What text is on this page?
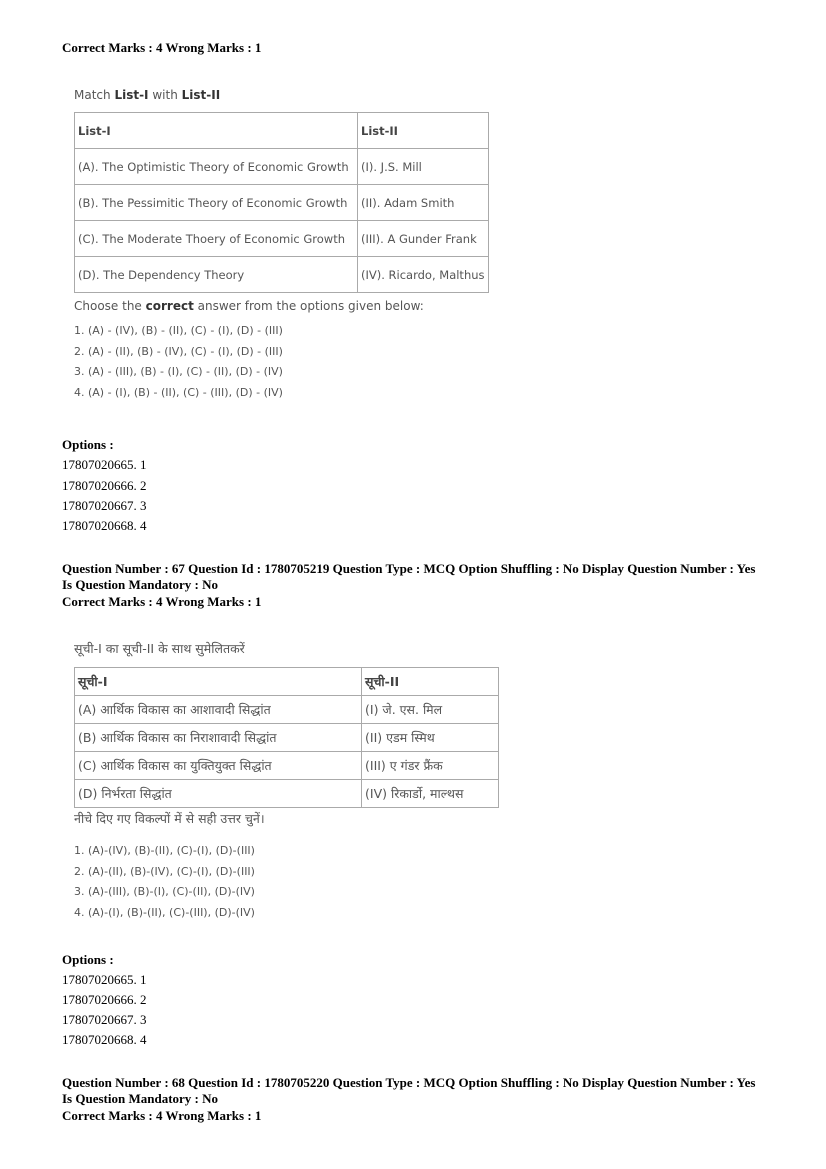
Correct Marks : 4 Wrong Marks : 1
Match List-I with List-II
List-I	List-II
(A). The Optimistic Theory of Economic Growth	(I). J.S. Mill
(B). The Pessimitic Theory of Economic Growth	(II). Adam Smith
(C). The Moderate Thoery of Economic Growth	(III). A Gunder Frank
(D). The Dependency Theory	(IV). Ricardo, Malthus
Choose the correct answer from the options given below:
1. (A) - (IV), (B) - (II), (C) - (I), (D) - (III)
2. (A) - (II), (B) - (IV), (C) - (I), (D) - (III)
3. (A) - (III), (B) - (I), (C) - (II), (D) - (IV)
4. (A) - (I), (B) - (II), (C) - (III), (D) - (IV)
Options :
17807020665. 1
17807020666. 2
17807020667. 3
17807020668. 4
Question Number : 67 Question Id : 1780705219 Question Type : MCQ Option Shuffling : No Display Question Number : Yes
Is Question Mandatory : No
Correct Marks : 4 Wrong Marks : 1
सूची-I का सूची-II के साथ सुमेलितकरें
सूची-I	सूची-II
(A) आर्थिक विकास का आशावादी सिद्धांत	(I) जे. एस. मिल
(B) आर्थिक विकास का निराशावादी सिद्धांत	(II) एडम स्मिथ
(C) आर्थिक विकास का युक्तियुक्त सिद्धांत	(III) ए गंडर फ्रैंक
(D) निर्भरता सिद्धांत	(IV) रिकार्डो, माल्थस
नीचे दिए गए विकल्पों में से सही उत्तर चुनें।
1. (A)-(IV), (B)-(II), (C)-(I), (D)-(III)
2. (A)-(II), (B)-(IV), (C)-(I), (D)-(III)
3. (A)-(III), (B)-(I), (C)-(II), (D)-(IV)
4. (A)-(I), (B)-(II), (C)-(III), (D)-(IV)
Options :
17807020665. 1
17807020666. 2
17807020667. 3
17807020668. 4
Question Number : 68 Question Id : 1780705220 Question Type : MCQ Option Shuffling : No Display Question Number : Yes
Is Question Mandatory : No
Correct Marks : 4 Wrong Marks : 1
